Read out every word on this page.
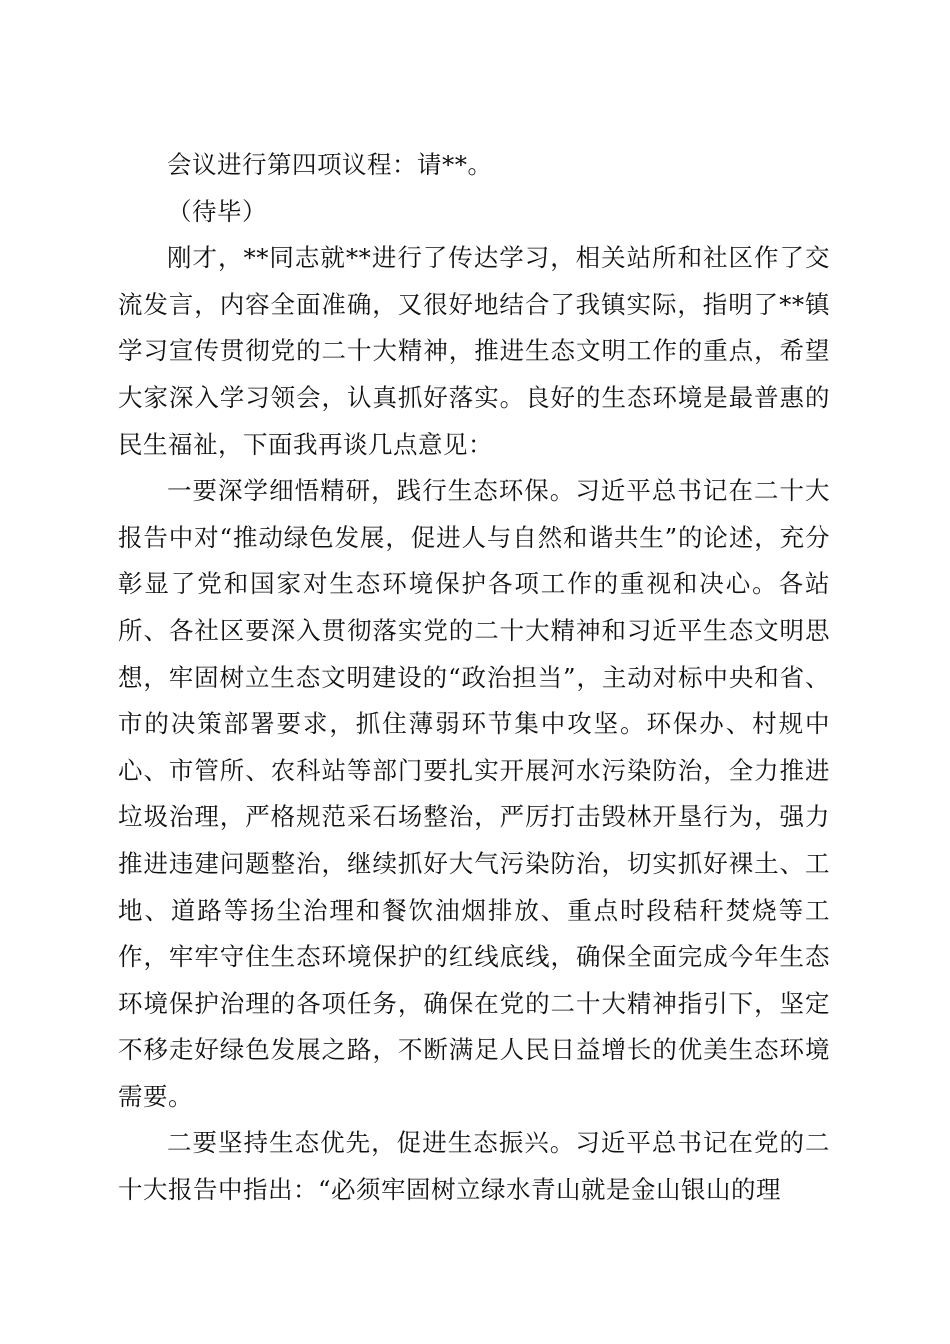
会议进行第四项议程：请**。

（待毕）

刚才，**同志就**进行了传达学习，相关站所和社区作了交流发言，内容全面准确，又很好地结合了我镇实际，指明了**镇学习宣传贯彻党的二十大精神，推进生态文明工作的重点，希望大家深入学习领会，认真抓好落实。良好的生态环境是最普惠的民生福祉，下面我再谈几点意见：

一要深学细悟精研，践行生态环保。习近平总书记在二十大报告中对“推动绿色发展，促进人与自然和谐共生”的论述，充分彰显了党和国家对生态环境保护各项工作的重视和决心。各站所、各社区要深入贯彻落实党的二十大精神和习近平生态文明思想，牢固树立生态文明建设的“政治担当”，主动对标中央和省、市的决策部署要求，抓住薄弱环节集中攻坚。环保办、村规中心、市管所、农科站等部门要扎实开展河水污染防治，全力推进垃圾治理，严格规范采石场整治，严厉打击毁林开垦行为，强力推进违建问题整治，继续抓好大气污染防治，切实抓好裸土、工地、道路等扬尘治理和餐饮油烟排放、重点时段秸秆焚烧等工作，牢牢守住生态环境保护的红线底线，确保全面完成今年生态环境保护治理的各项任务，确保在党的二十大精神指引下，坚定不移走好绿色发展之路，不断满足人民日益增长的优美生态环境需要。

二要坚持生态优先，促进生态振兴。习近平总书记在党的二十大报告中指出：“必须牢固树立绿水青山就是金山银山的理
